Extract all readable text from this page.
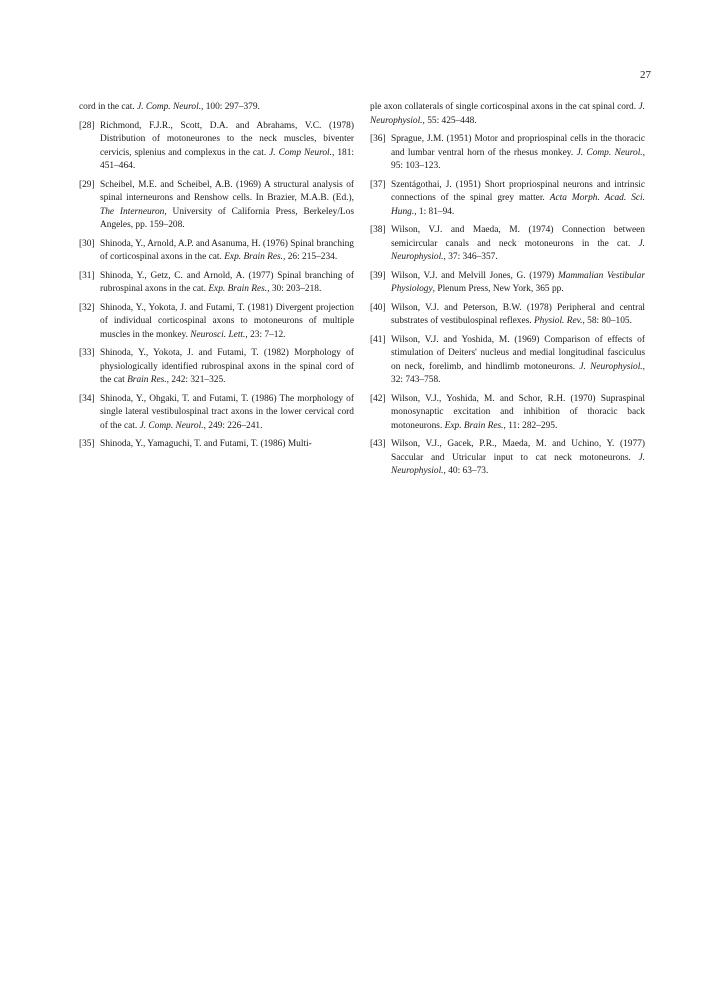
27

cord in the cat. J. Comp. Neurol., 100: 297–379.

[28] Richmond, F.J.R., Scott, D.A. and Abrahams, V.C. (1978) Distribution of motoneurones to the neck muscles, biventer cervicis, splenius and complexus in the cat. J. Comp Neurol., 181: 451–464.

[29] Scheibel, M.E. and Scheibel, A.B. (1969) A structural analysis of spinal interneurons and Renshow cells. In Brazier, M.A.B. (Ed.), The Interneuron, University of California Press, Berkeley/Los Angeles, pp. 159–208.

[30] Shinoda, Y., Arnold, A.P. and Asanuma, H. (1976) Spinal branching of corticospinal axons in the cat. Exp. Brain Res., 26: 215–234.

[31] Shinoda, Y., Getz, C. and Arnold, A. (1977) Spinal branching of rubrospinal axons in the cat. Exp. Brain Res., 30: 203–218.

[32] Shinoda, Y., Yokota, J. and Futami, T. (1981) Divergent projection of individual corticospinal axons to motoneurons of multiple muscles in the monkey. Neurosci. Lett., 23: 7–12.

[33] Shinoda, Y., Yokota, J. and Futami, T. (1982) Morphology of physiologically identified rubrospinal axons in the spinal cord of the cat Brain Res., 242: 321–325.

[34] Shinoda, Y., Ohgaki, T. and Futami, T. (1986) The morphology of single lateral vestibulospinal tract axons in the lower cervical cord of the cat. J. Comp. Neurol., 249: 226–241.

[35] Shinoda, Y., Yamaguchi, T. and Futami, T. (1986) Multi-

ple axon collaterals of single corticospinal axons in the cat spinal cord. J. Neurophysiol., 55: 425–448.

[36] Sprague, J.M. (1951) Motor and propriospinal cells in the thoracic and lumbar ventral horn of the rhesus monkey. J. Comp. Neurol., 95: 103–123.

[37] Szentágothai, J. (1951) Short propriospinal neurons and intrinsic connections of the spinal grey matter. Acta Morph. Acad. Sci. Hung., 1: 81–94.

[38] Wilson, V.J. and Maeda, M. (1974) Connection between semicircular canals and neck motoneurons in the cat. J. Neurophysiol., 37: 346–357.

[39] Wilson, V.J. and Melvill Jones, G. (1979) Mammalian Vestibular Physiology, Plenum Press, New York, 365 pp.

[40] Wilson, V.J. and Peterson, B.W. (1978) Peripheral and central substrates of vestibulospinal reflexes. Physiol. Rev., 58: 80–105.

[41] Wilson, V.J. and Yoshida, M. (1969) Comparison of effects of stimulation of Deiters' nucleus and medial longitudinal fasciculus on neck, forelimb, and hindlimb motoneurons. J. Neurophysiol., 32: 743–758.

[42] Wilson, V.J., Yoshida, M. and Schor, R.H. (1970) Supraspinal monosynaptic excitation and inhibition of thoracic back motoneurons. Exp. Brain Res., 11: 282–295.

[43] Wilson, V.J., Gacek, P.R., Maeda, M. and Uchino, Y. (1977) Saccular and Utricular input to cat neck motoneurons. J. Neurophysiol., 40: 63–73.
